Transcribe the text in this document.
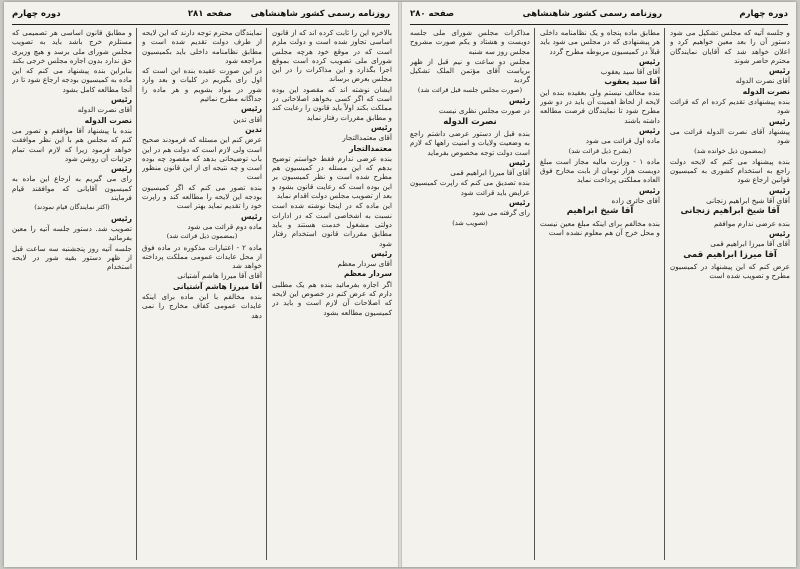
روزنامه رسمی کشور شاهنشاهی
صفحه ۲۸۱
دوره چهارم

بالاخره این را ثابت کرده اند که از قانون اساسی تجاوز شده است و دولت ملزم است که در موقع خود هرچه مجلس شورای ملی تصویب کرده است بموقع اجرا بگذارد و این مذاکرات را در این مجلس بعرض برساند

ایشان نوشته اند که مقصود این بوده است که اگر کسی بخواهد اصلاحاتی در مملکت بکند اولاً باید قانون را رعایت کند و مطابق مقررات رفتار نماید

رئیس

آقای معتمدالتجار

معتمدالتجار

بنده عرضی ندارم فقط خواستم توضیح بدهم که این مسئله در کمیسیون هم مطرح شده است و نظر کمیسیون بر این بوده است که رعایت قانون بشود و بعد از تصویب مجلس دولت اقدام نماید

این ماده که در اینجا نوشته شده است نسبت به اشخاصی است که در ادارات دولتی مشغول خدمت هستند و باید مطابق مقررات قانون استخدام رفتار شود

رئیس

آقای سردار معظم

سردار معظم

اگر اجازه بفرمائید بنده هم یک مطلبی دارم که عرض کنم در خصوص این لایحه که اصلاحات آن لازم است و باید در کمیسیون مطالعه بشود

نمایندگان محترم توجه دارند که این لایحه از طرف دولت تقدیم شده است و مطابق نظامنامه داخلی باید بکمیسیون مراجعه شود

در این صورت عقیده بنده این است که اول رای بگیریم در کلیات و بعد وارد شور در مواد بشویم و هر ماده را جداگانه مطرح نمائیم

رئیس

آقای تدین

تدین

عرض کنم این مسئله که فرمودند صحیح است ولی لازم است که دولت هم در این باب توضیحاتی بدهد که مقصود چه بوده است و چه نتیجه ای از این قانون منظور است

بنده تصور می کنم که اگر کمیسیون بودجه این لایحه را مطالعه کند و راپرت خود را تقدیم نماید بهتر است

رئیس

ماده دوم قرائت می شود

(بمضمون ذیل قرائت شد)

ماده ۲ - اعتبارات مذکوره در ماده فوق از محل عایدات عمومی مملکت پرداخته خواهد شد

آقای آقا میرزا هاشم آشتیانی

آقا میرزا هاشم آشتیانی

بنده مخالفم با این ماده برای اینکه عایدات عمومی کفاف مخارج را نمی دهد

و مطابق قانون اساسی هر تصمیمی که مستلزم خرج باشد باید به تصویب مجلس شورای ملی برسد و هیچ وزیری حق ندارد بدون اجازه مجلس خرجی بکند

بنابراین بنده پیشنهاد می کنم که این ماده به کمیسیون بودجه ارجاع شود تا در آنجا مطالعه کامل بشود

رئیس

آقای نصرت الدوله

نصرت الدوله

بنده با پیشنهاد آقا موافقم و تصور می کنم که مجلس هم با این نظر موافقت خواهد فرمود زیرا که لازم است تمام جزئیات آن روشن شود

رئیس

رای می گیریم به ارجاع این ماده به کمیسیون آقایانی که موافقند قیام فرمایند

(اکثر نمایندگان قیام نمودند)

رئیس

تصویب شد. دستور جلسه آتیه را معین بفرمائید

جلسه آتیه روز پنجشنبه سه ساعت قبل از ظهر دستور بقیه شور در لایحه استخدام

صفحه ۲۸۰	روزنامه رسمی کشور شاهنشاهی	دوره چهارم

و جلسه آتیه که مجلس تشکیل می شود دستور آن را بعد معین خواهیم کرد و اعلان خواهد شد که آقایان نمایندگان محترم حاضر شوند

رئیس

آقای نصرت الدوله

نصرت الدوله

بنده پیشنهادی تقدیم کرده ام که قرائت شود

رئیس

پیشنهاد آقای نصرت الدوله قرائت می شود

(بمضمون ذیل خوانده شد)

بنده پیشنهاد می کنم که لایحه دولت راجع به استخدام کشوری به کمیسیون قوانین ارجاع شود

رئیس

آقای آقا شیخ ابراهیم زنجانی

آقا شیخ ابراهیم زنجانی

بنده عرضی ندارم موافقم

رئیس

آقای آقا میرزا ابراهیم قمی

آقا میرزا ابراهیم قمی

عرض کنم که این پیشنهاد در کمیسیون مطرح و تصویب شده است

مطابق ماده پنجاه و یک نظامنامه داخلی هر پیشنهادی که در مجلس می شود باید قبلاً در کمیسیون مربوطه مطرح گردد

رئیس

آقای آقا سید یعقوب

آقا سید یعقوب

بنده مخالف نیستم ولی بعقیده بنده این لایحه از لحاظ اهمیت آن باید در دو شور مطرح شود تا نمایندگان فرصت مطالعه داشته باشند

رئیس

ماده اول قرائت می شود

(بشرح ذیل قرائت شد)

ماده ۱ - وزارت مالیه مجاز است مبلغ دویست هزار تومان از بابت مخارج فوق العاده مملکتی پرداخت نماید

رئیس

آقای حائری زاده

آقا شیخ ابراهیم

بنده مخالفم برای اینکه مبلغ معین نیست و محل خرج آن هم معلوم نشده است

مذاکرات مجلس شورای ملی جلسه دویست و هشتاد و یکم صورت مشروح مجلس روز سه شنبه

مجلس دو ساعت و نیم قبل از ظهر بریاست آقای مؤتمن الملک تشکیل گردید

(صورت مجلس جلسه قبل قرائت شد)

رئیس

در صورت مجلس نظری نیست

نصرت الدوله

بنده قبل از دستور عرضی داشتم راجع به وضعیت ولایات و امنیت راهها که لازم است دولت توجه مخصوص بفرماید

رئیس

آقای آقا میرزا ابراهیم قمی

بنده تصدیق می کنم که راپرت کمیسیون عرایض باید قرائت شود

رئیس

رای گرفته می شود

(تصویب شد)
